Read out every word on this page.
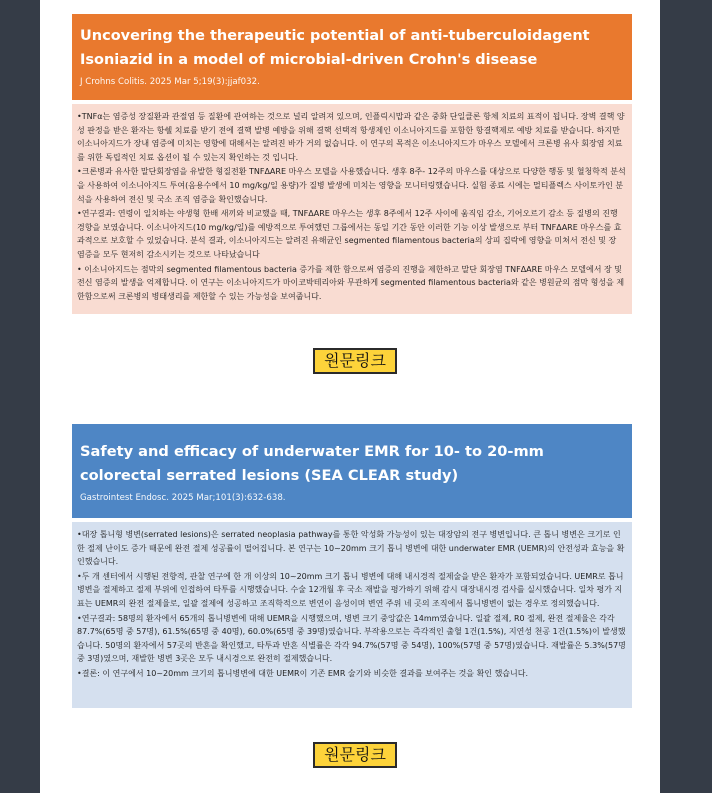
Uncovering the therapeutic potential of anti-tuberculoidagent Isoniazid in a model of microbial-driven Crohn's disease

J Crohns Colitis. 2025 Mar 5;19(3):jjaf032.

•TNFα는 염증성 장질환과 관절염 등 질환에 관여하는 것으로 널리 알려져 있으며, 인플릭시맙과 같은 중화 단일클론 항체 치료의 표적이 됩니다. 장벽 결핵 양성 판정을 받은 환자는 항쉘 치료를 받기 전에 결핵 발병 예방을 위해 결핵 선택적 항생제인 이소니아지드를 포함한 항결핵제로 예방 치료를 받습니다. 하지만 이소니아지드가 장내 염증에 미치는 영향에 대해서는 알려진 바가 거의 없습니다. 이 연구의 목적은 이소니아지드가 마우스 모델에서 크론병 유사 회장염 치료를 위한 독립적인 치료 옵션이 될 수 있는지 확인하는 것 입니다.

•크론병과 유사한 말단회장염을 유발한 형질전환 TNFΔARE 마우스 모델을 사용했습니다. 생후 8주- 12주의 마우스를 대상으로 다양한 행동 및 혈청학적 분석을 사용하여 이소니아지드 투여(음용수에서 10 mg/kg/일 용량)가 질병 발생에 미치는 영향을 모니터링했습니다. 실험 종료 시에는 멀티플렉스 사이토카인 분석을 사용하여 전신 및 국소 조직 염증을 확인했습니다.

•연구결과: 연령이 일치하는 야생형 한배 새끼와 비교했을 때, TNFΔARE 마우스는 생후 8주에서 12주 사이에 움직임 감소, 기어오르기 감소 등 질병의 진행 경향을 보였습니다. 이소니아지드(10 mg/kg/일)를 예방적으로 투여했던 그룹에서는 동일 기간 동안 이러한 기능 이상 발생으로 부터 TNFΔARE 마우스를 효과적으로 보호할 수 있었습니다. 분석 결과, 이소니아지드는 알려진 유해균인 segmented filamentous bacteria의 상피 집락에 영향을 미쳐서 전신 및 장 염증을 모두 현저히 감소시키는 것으로 나타났습니다

• 이소니아지드는 점막의 segmented filamentous bacteria 증가를 제한 함으로써 염증의 진행을 제한하고 말단 회장염 TNFΔARE 마우스 모델에서 장 및 전신 염증의 발생을 억제합니다. 이 연구는 이소니아지드가 마이코박테리아와 무관하게 segmented filamentous bacteria와 같은 병원균의 점막 형성을 제한함으로써 크론병의 병태생리를 제한할 수 있는 가능성을 보여줍니다.

원문링크

Safety and efficacy of underwater EMR for 10- to 20-mm colorectal serrated lesions (SEA CLEAR study)

Gastrointest Endosc. 2025 Mar;101(3):632-638.

•대장 톱니형 병변(serrated lesions)은 serrated neoplasia pathway를 통한 악성화 가능성이 있는 대장암의 전구 병변입니다. 큰 톱니 병변은 크기로 인한 절제 난이도 증가 때문에 완전 절제 성공률이 떨어집니다. 본 연구는 10~20mm 크기 톱니 병변에 대한 underwater EMR (UEMR)의 안전성과 효능을 확인했습니다.

•두 개 센터에서 시행된 전향적, 관찰 연구에 한 개 이상의 10~20mm 크기 톱니 병변에 대해 내시경적 절제술을 받은 환자가 포함되었습니다. UEMR로 톱니병변을 절제하고 절제 부위에 인접하여 타투를 시행했습니다. 수술 12개월 후 국소 재발을 평가하기 위해 감시 대장내시경 검사를 실시했습니다. 일차 평가 지표는 UEMR의 완전 절제율로, 일괄 절제에 성공하고 조직학적으로 변연이 음성이며 변연 주위 네 곳의 조직에서 톱니병변이 없는 경우로 정의했습니다.

•연구결과: 58명의 환자에서 65개의 톱니병변에 대해 UEMR을 시행했으며, 병변 크기 중앙값은 14mm였습니다. 일괄 절제, R0 절제, 완전 절제율은 각각 87.7%(65명 중 57명), 61.5%(65명 중 40명), 60.0%(65명 중 39명)였습니다. 부작용으로는 즉각적인 출혈 1건(1.5%), 지연성 천공 1건(1.5%)이 발생했습니다. 50명의 환자에서 57곳의 반흔을 확인했고, 타투과 반흔 식별률은 각각 94.7%(57명 중 54명), 100%(57명 중 57명)였습니다. 재발률은 5.3%(57명 중 3명)였으며, 재발한 병변 3곳은 모두 내시경으로 완전히 절제했습니다.

•결론: 이 연구에서 10~20mm 크기의 톱니병변에 대한 UEMR이 기존 EMR 술기와 비슷한 결과를 보여주는 것을 확인 했습니다.

원문링크
